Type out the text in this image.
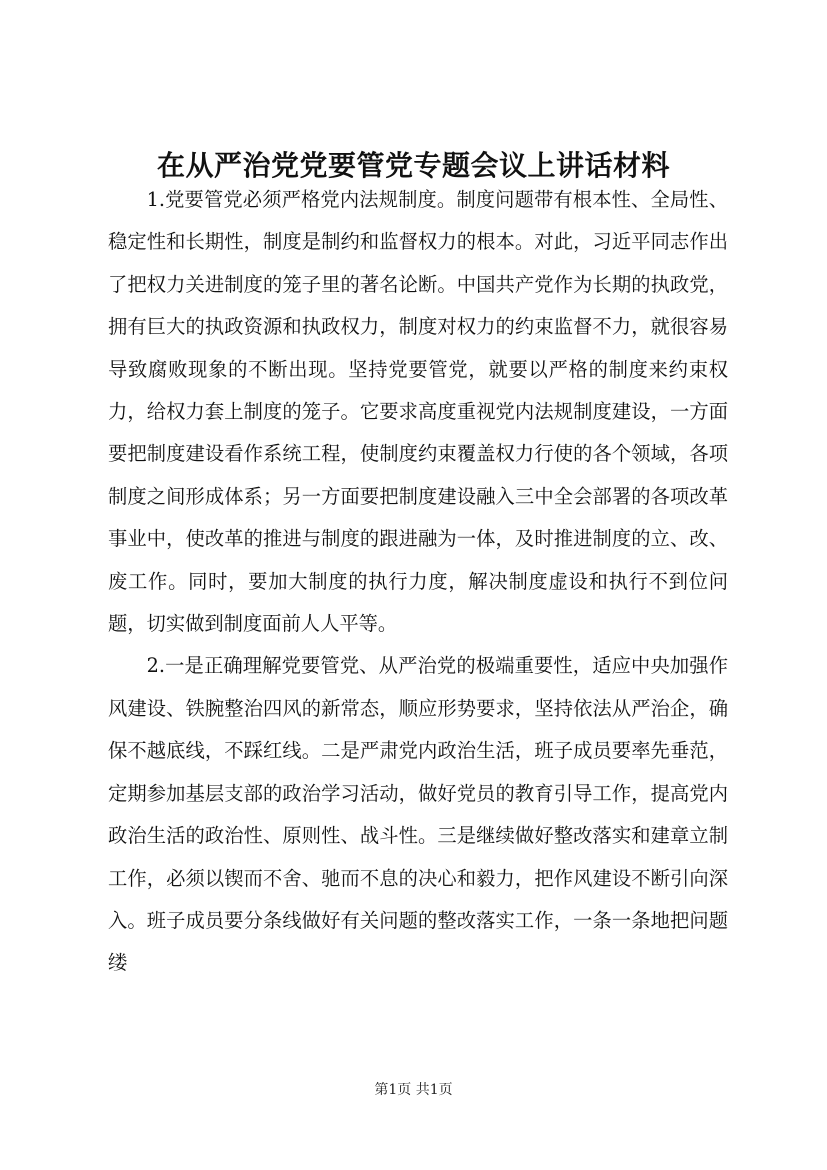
在从严治党党要管党专题会议上讲话材料

1.党要管党必须严格党内法规制度。制度问题带有根本性、全局性、稳定性和长期性，制度是制约和监督权力的根本。对此，习近平同志作出了把权力关进制度的笼子里的著名论断。中国共产党作为长期的执政党，拥有巨大的执政资源和执政权力，制度对权力的约束监督不力，就很容易导致腐败现象的不断出现。坚持党要管党，就要以严格的制度来约束权力，给权力套上制度的笼子。它要求高度重视党内法规制度建设，一方面要把制度建设看作系统工程，使制度约束覆盖权力行使的各个领域，各项制度之间形成体系；另一方面要把制度建设融入三中全会部署的各项改革事业中，使改革的推进与制度的跟进融为一体，及时推进制度的立、改、废工作。同时，要加大制度的执行力度，解决制度虚设和执行不到位问题，切实做到制度面前人人平等。

2.一是正确理解党要管党、从严治党的极端重要性，适应中央加强作风建设、铁腕整治四风的新常态，顺应形势要求，坚持依法从严治企，确保不越底线，不踩红线。二是严肃党内政治生活，班子成员要率先垂范，定期参加基层支部的政治学习活动，做好党员的教育引导工作，提高党内政治生活的政治性、原则性、战斗性。三是继续做好整改落实和建章立制工作，必须以锲而不舍、驰而不息的决心和毅力，把作风建设不断引向深入。班子成员要分条线做好有关问题的整改落实工作，一条一条地把问题缕

第1页 共1页
